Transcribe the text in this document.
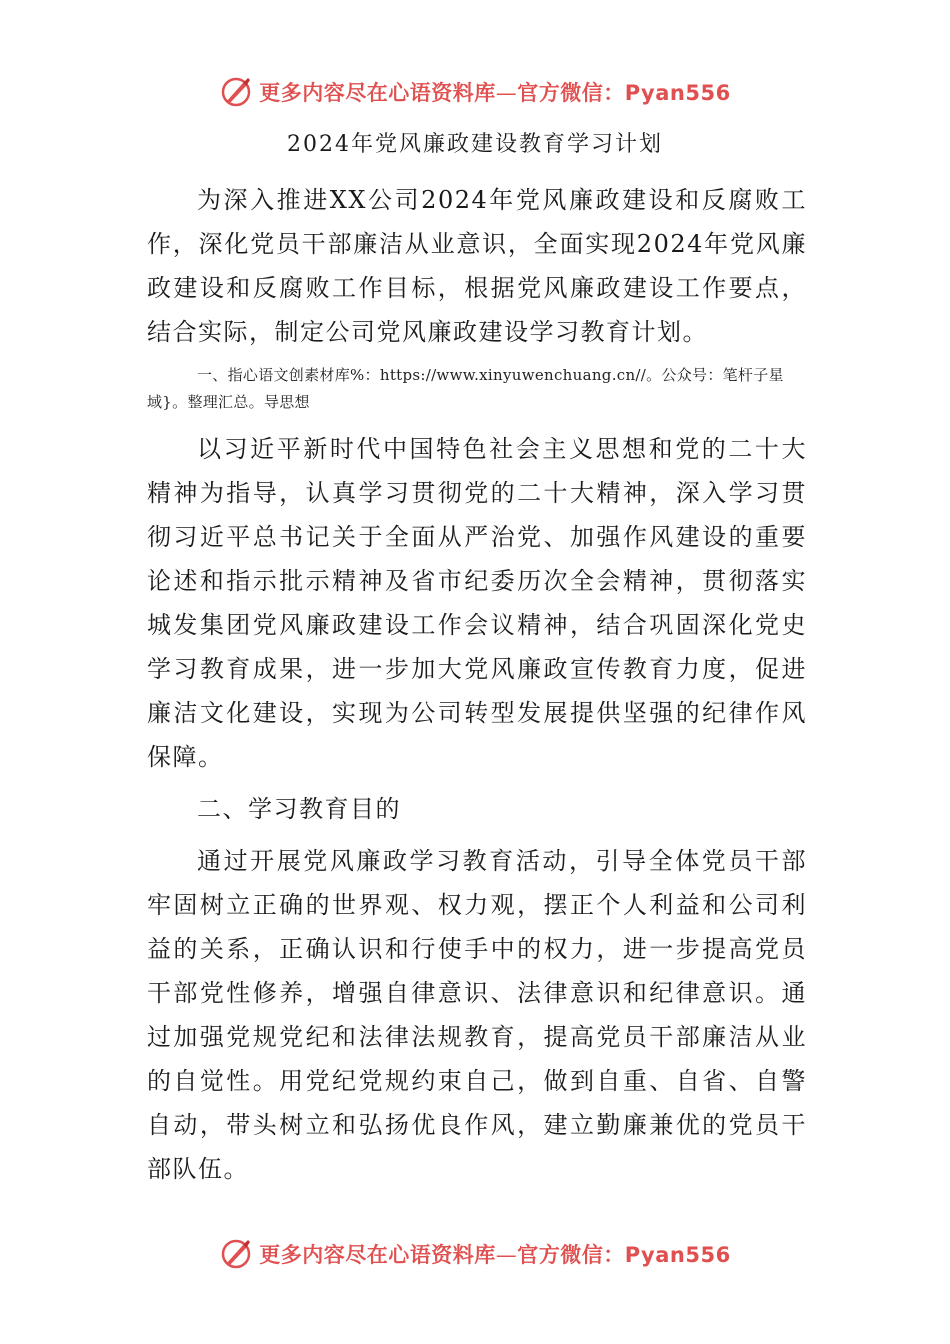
更多内容尽在心语资料库—官方微信：Pyan556
2024年党风廉政建设教育学习计划

为深入推进XX公司2024年党风廉政建设和反腐败工作，深化党员干部廉洁从业意识，全面实现2024年党风廉政建设和反腐败工作目标，根据党风廉政建设工作要点，结合实际，制定公司党风廉政建设学习教育计划。

一、指心语文创素材库%：https://www.xinyuwenchuang.cn//。公众号：笔杆子星域}。整理汇总。导思想

以习近平新时代中国特色社会主义思想和党的二十大精神为指导，认真学习贯彻党的二十大精神，深入学习贯彻习近平总书记关于全面从严治党、加强作风建设的重要论述和指示批示精神及省市纪委历次全会精神，贯彻落实城发集团党风廉政建设工作会议精神，结合巩固深化党史学习教育成果，进一步加大党风廉政宣传教育力度，促进廉洁文化建设，实现为公司转型发展提供坚强的纪律作风保障。

二、学习教育目的

通过开展党风廉政学习教育活动，引导全体党员干部牢固树立正确的世界观、权力观，摆正个人利益和公司利益的关系，正确认识和行使手中的权力，进一步提高党员干部党性修养，增强自律意识、法律意识和纪律意识。通过加强党规党纪和法律法规教育，提高党员干部廉洁从业的自觉性。用党纪党规约束自己，做到自重、自省、自警自动，带头树立和弘扬优良作风，建立勤廉兼优的党员干部队伍。

更多内容尽在心语资料库—官方微信：Pyan556
